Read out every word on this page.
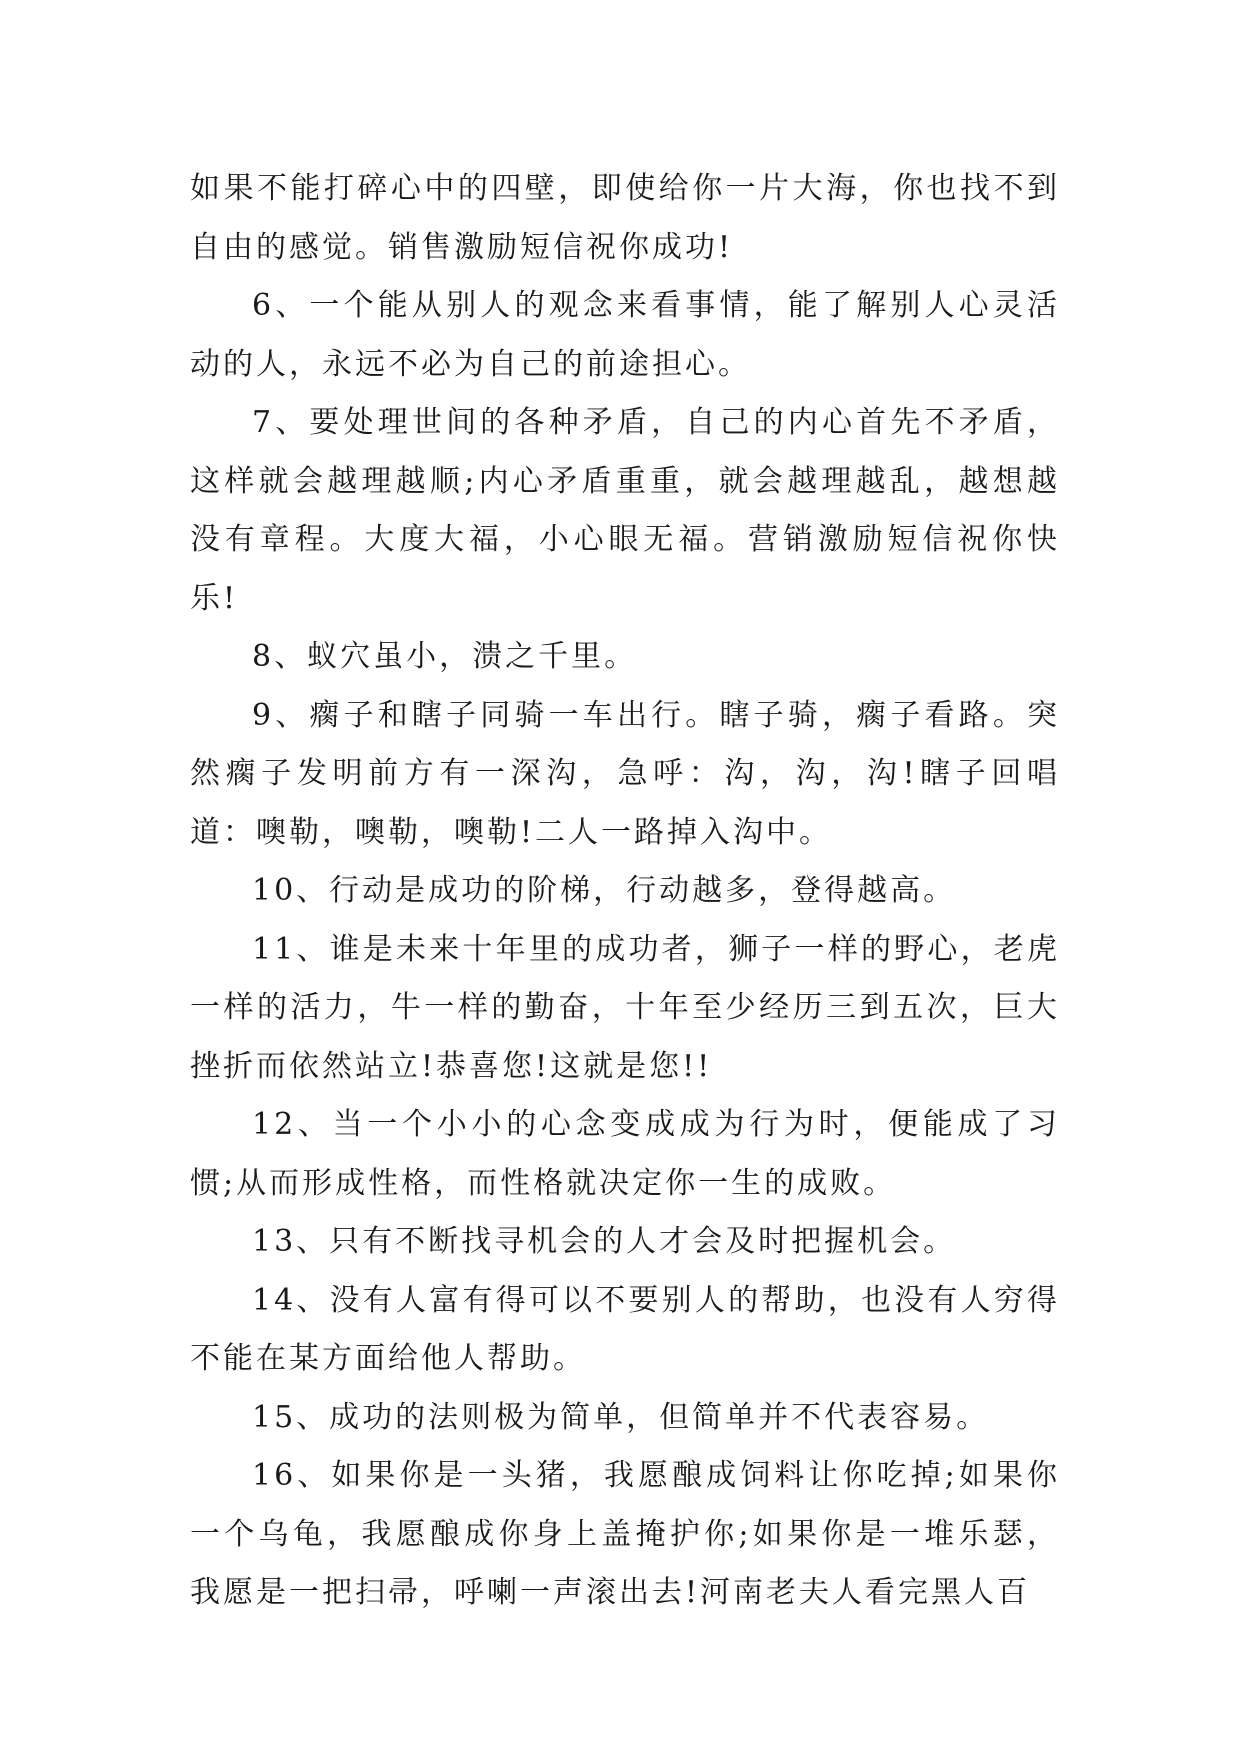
如果不能打碎心中的四壁，即使给你一片大海，你也找不到自由的感觉。销售激励短信祝你成功!

6、一个能从别人的观念来看事情，能了解别人心灵活动的人，永远不必为自己的前途担心。

7、要处理世间的各种矛盾，自己的内心首先不矛盾，这样就会越理越顺;内心矛盾重重，就会越理越乱，越想越没有章程。大度大福，小心眼无福。营销激励短信祝你快乐!

8、蚁穴虽小，溃之千里。

9、瘸子和瞎子同骑一车出行。瞎子骑，瘸子看路。突然瘸子发明前方有一深沟，急呼：沟，沟，沟!瞎子回唱道：噢勒，噢勒，噢勒!二人一路掉入沟中。

10、行动是成功的阶梯，行动越多，登得越高。

11、谁是未来十年里的成功者，狮子一样的野心，老虎一样的活力，牛一样的勤奋，十年至少经历三到五次，巨大挫折而依然站立!恭喜您!这就是您!!

12、当一个小小的心念变成成为行为时，便能成了习惯;从而形成性格，而性格就决定你一生的成败。

13、只有不断找寻机会的人才会及时把握机会。

14、没有人富有得可以不要别人的帮助，也没有人穷得不能在某方面给他人帮助。

15、成功的法则极为简单，但简单并不代表容易。

16、如果你是一头猪，我愿酿成饲料让你吃掉;如果你一个乌龟，我愿酿成你身上盖掩护你;如果你是一堆乐瑟，我愿是一把扫帚，呼喇一声滚出去!河南老夫人看完黑人百
